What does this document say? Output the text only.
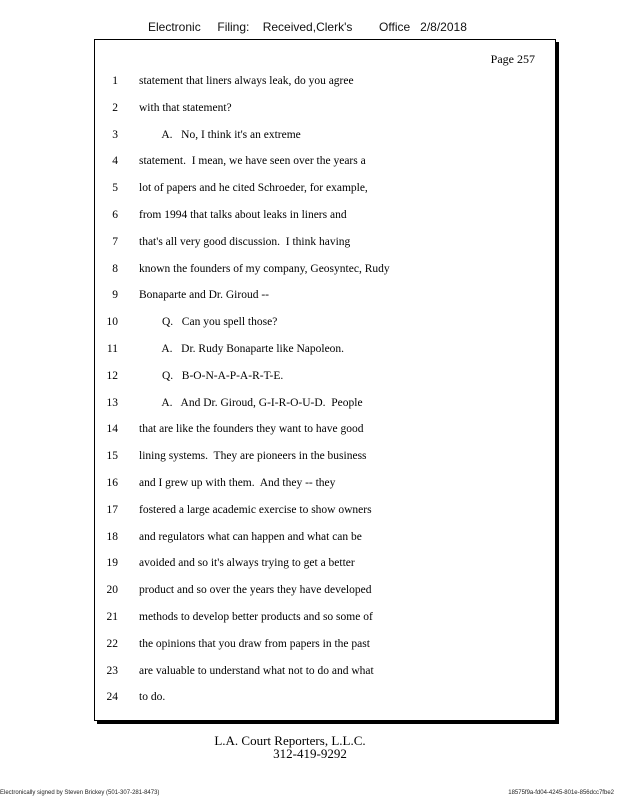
Electronic     Filing:    Received,Clerk's        Office   2/8/2018
Page 257
1 statement that liners always leak, do you agree
2 with that statement?
3 A.   No, I think it's an extreme
4 statement.  I mean, we have seen over the years a
5 lot of papers and he cited Schroeder, for example,
6 from 1994 that talks about leaks in liners and
7 that's all very good discussion.  I think having
8 known the founders of my company, Geosyntec, Rudy
9 Bonaparte and Dr. Giroud --
10 Q.   Can you spell those?
11 A.   Dr. Rudy Bonaparte like Napoleon.
12 Q.   B-O-N-A-P-A-R-T-E.
13 A.   And Dr. Giroud, G-I-R-O-U-D.  People
14 that are like the founders they want to have good
15 lining systems.  They are pioneers in the business
16 and I grew up with them.  And they -- they
17 fostered a large academic exercise to show owners
18 and regulators what can happen and what can be
19 avoided and so it's always trying to get a better
20 product and so over the years they have developed
21 methods to develop better products and so some of
22 the opinions that you draw from papers in the past
23 are valuable to understand what not to do and what
24 to do.
L.A. Court Reporters, L.L.C.
312-419-9292
Electronically signed by Steven Brickey (501-307-281-8473)	18575f9a-fd04-4245-801e-856dcc7fbe2
